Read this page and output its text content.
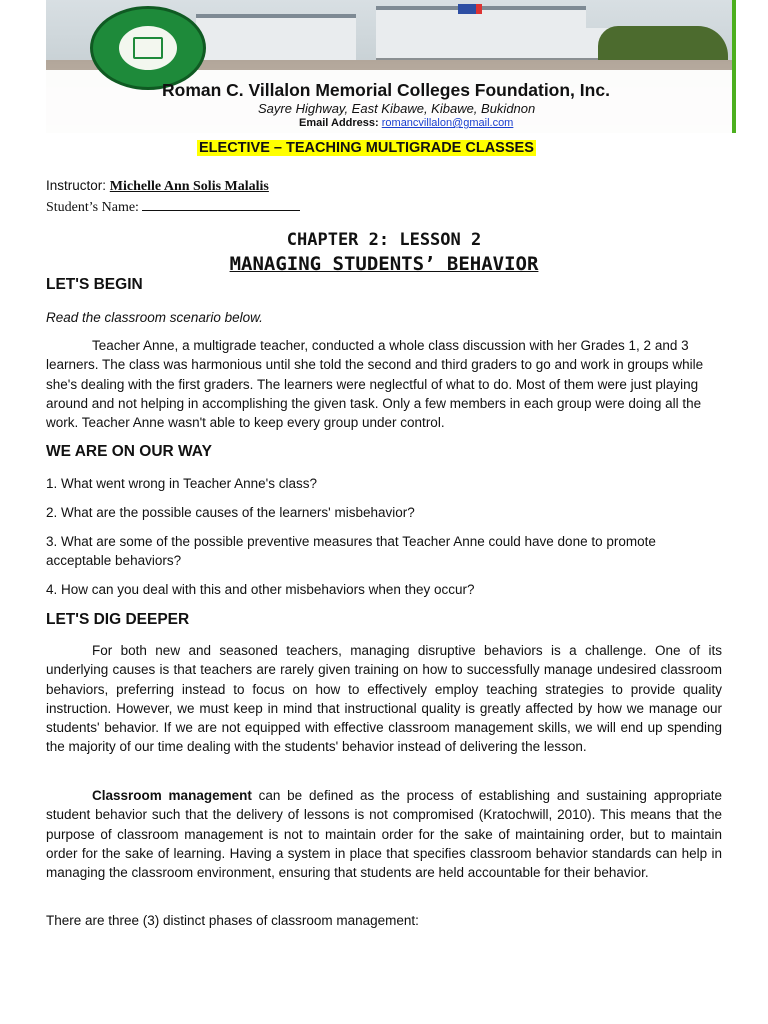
Roman C. Villalon Memorial Colleges Foundation, Inc.
Sayre Highway, East Kibawe, Kibawe, Bukidnon
Email Address: romancvillalon@gmail.com
ELECTIVE – TEACHING MULTIGRADE CLASSES
Instructor: Michelle Ann Solis Malalis
Student’s Name:
CHAPTER 2: LESSON 2
MANAGING STUDENTS’ BEHAVIOR
LET'S BEGIN
Read the classroom scenario below.
Teacher Anne, a multigrade teacher, conducted a whole class discussion with her Grades 1, 2 and 3 learners. The class was harmonious until she told the second and third graders to go and work in groups while she's dealing with the first graders. The learners were neglectful of what to do. Most of them were just playing around and not helping in accomplishing the given task. Only a few members in each group were doing all the work. Teacher Anne wasn't able to keep every group under control.
WE ARE ON OUR WAY
1. What went wrong in Teacher Anne's class?
2. What are the possible causes of the learners' misbehavior?
3. What are some of the possible preventive measures that Teacher Anne could have done to promote acceptable behaviors?
4. How can you deal with this and other misbehaviors when they occur?
LET'S DIG DEEPER
For both new and seasoned teachers, managing disruptive behaviors is a challenge. One of its underlying causes is that teachers are rarely given training on how to successfully manage undesired classroom behaviors, preferring instead to focus on how to effectively employ teaching strategies to provide quality instruction. However, we must keep in mind that instructional quality is greatly affected by how we manage our students' behavior. If we are not equipped with effective classroom management skills, we will end up spending the majority of our time dealing with the students' behavior instead of delivering the lesson.
Classroom management can be defined as the process of establishing and sustaining appropriate student behavior such that the delivery of lessons is not compromised (Kratochwill, 2010). This means that the purpose of classroom management is not to maintain order for the sake of maintaining order, but to maintain order for the sake of learning. Having a system in place that specifies classroom behavior standards can help in managing the classroom environment, ensuring that students are held accountable for their behavior.
There are three (3) distinct phases of classroom management:
